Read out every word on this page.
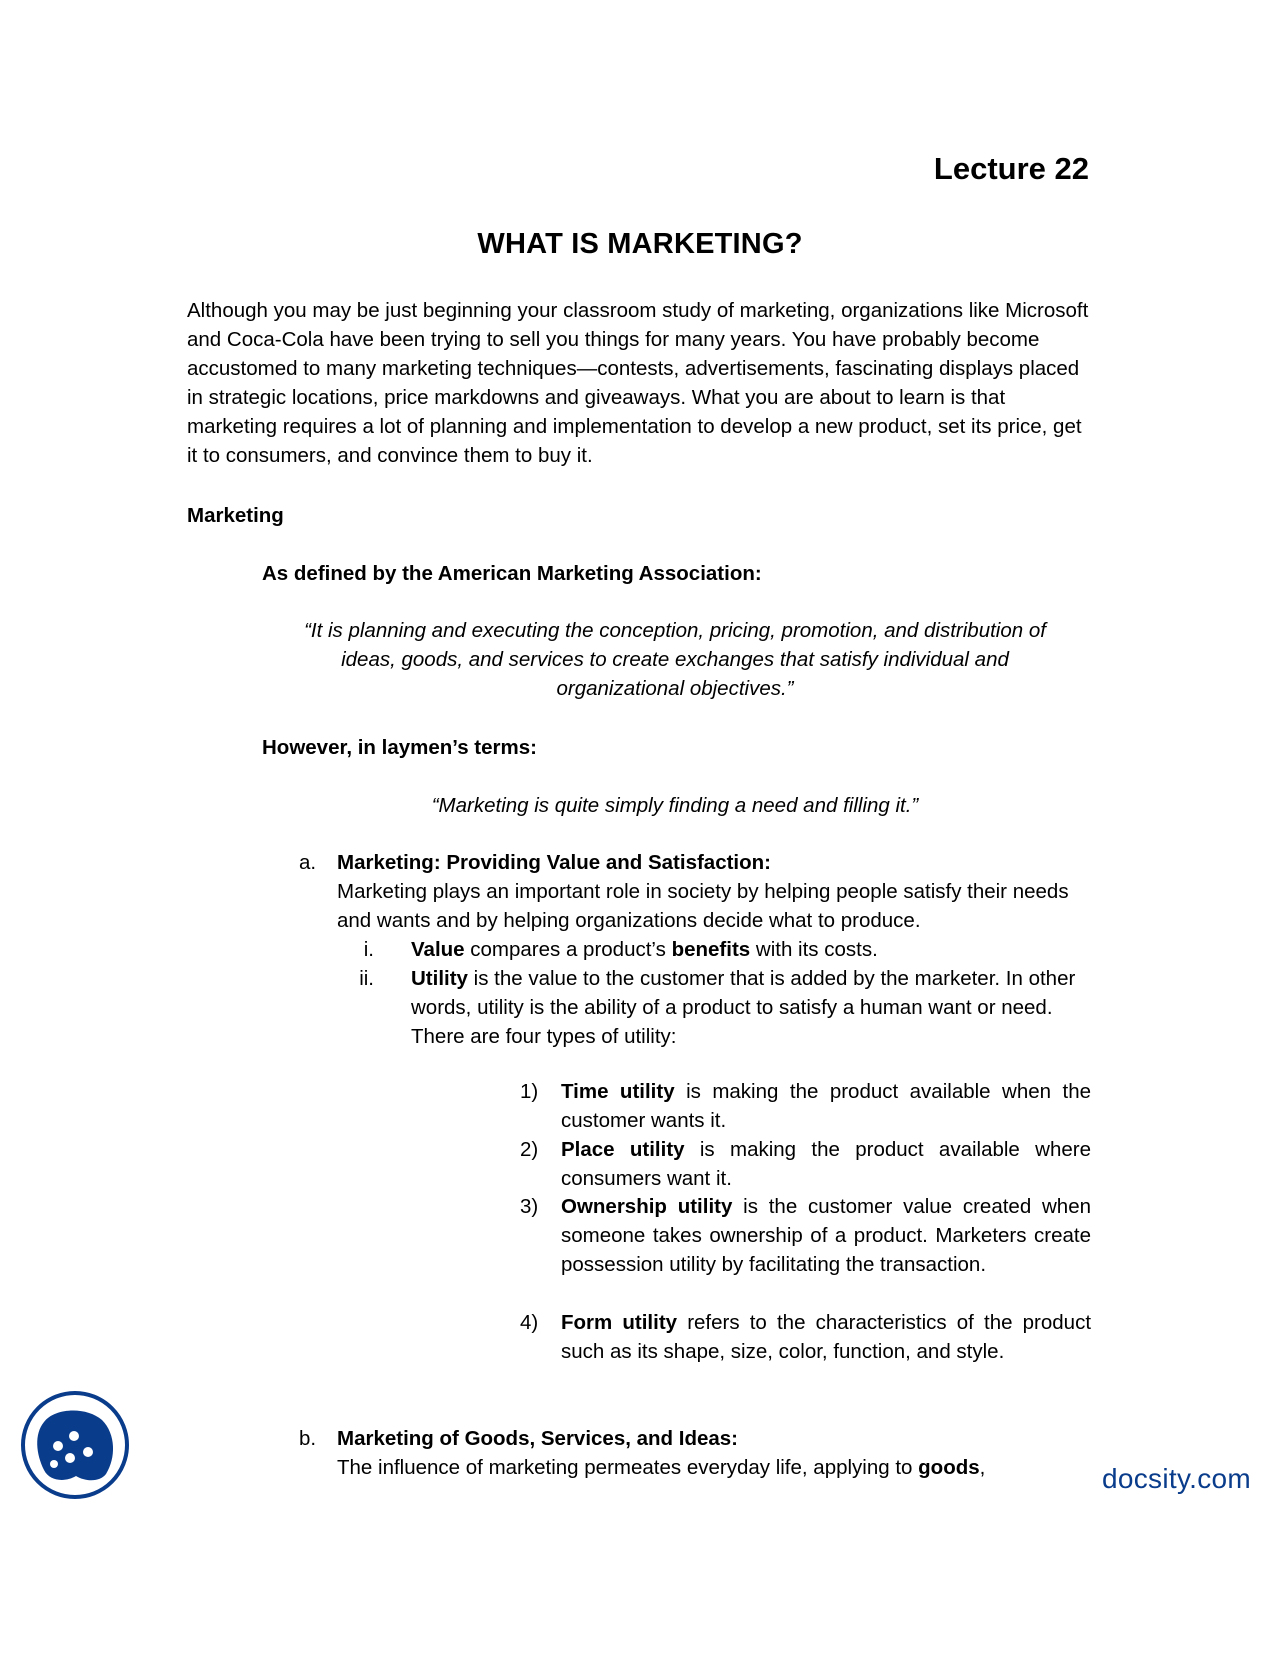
Lecture 22
WHAT IS MARKETING?
Although you may be just beginning your classroom study of marketing, organizations like Microsoft and Coca-Cola have been trying to sell you things for many years. You have probably become accustomed to many marketing techniques—contests, advertisements, fascinating displays placed in strategic locations, price markdowns and giveaways. What you are about to learn is that marketing requires a lot of planning and implementation to develop a new product, set its price, get it to consumers, and convince them to buy it.
Marketing
As defined by the American Marketing Association:
“It is planning and executing the conception, pricing, promotion, and distribution of
ideas, goods, and services to create exchanges that satisfy individual and
organizational objectives.”
However, in laymen’s terms:
“Marketing is quite simply finding a need and filling it.”
a. Marketing: Providing Value and Satisfaction:
Marketing plays an important role in society by helping people satisfy their needs and wants and by helping organizations decide what to produce.
i. Value compares a product’s benefits with its costs.
ii. Utility is the value to the customer that is added by the marketer. In other words, utility is the ability of a product to satisfy a human want or need. There are four types of utility:
1) Time utility is making the product available when the customer wants it.
2) Place utility is making the product available where consumers want it.
3) Ownership utility is the customer value created when someone takes ownership of a product. Marketers create possession utility by facilitating the transaction.
4) Form utility refers to the characteristics of the product such as its shape, size, color, function, and style.
b. Marketing of Goods, Services, and Ideas:
The influence of marketing permeates everyday life, applying to goods,	docsity.com
